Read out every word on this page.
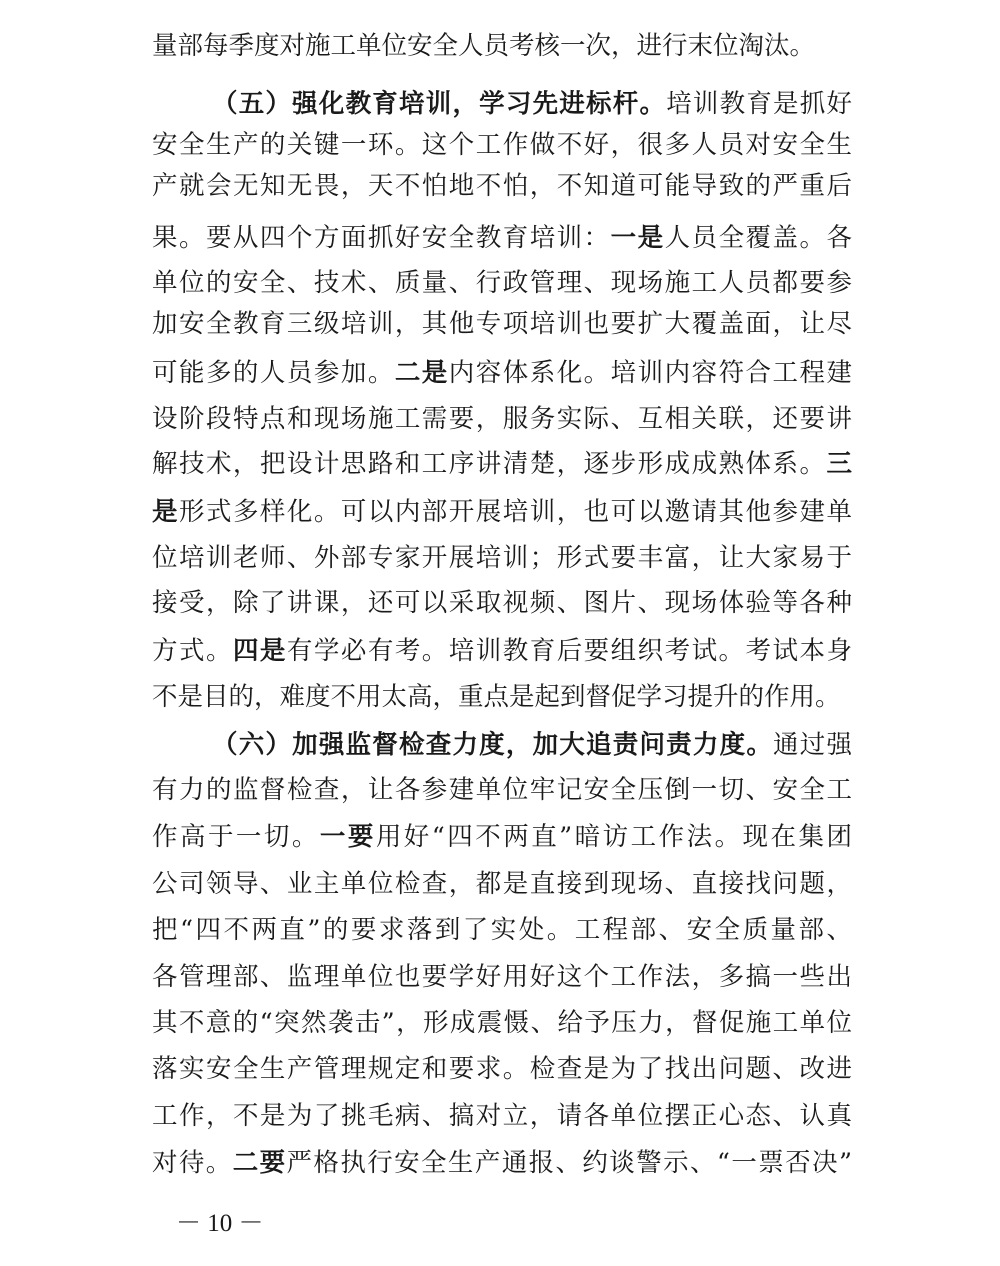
量部每季度对施工单位安全人员考核一次，进行末位淘汰。
（五）强化教育培训，学习先进标杆。培训教育是抓好
安全生产的关键一环。这个工作做不好，很多人员对安全生
产就会无知无畏，天不怕地不怕，不知道可能导致的严重后
果。要从四个方面抓好安全教育培训：一是人员全覆盖。各
单位的安全、技术、质量、行政管理、现场施工人员都要参
加安全教育三级培训，其他专项培训也要扩大覆盖面，让尽
可能多的人员参加。二是内容体系化。培训内容符合工程建
设阶段特点和现场施工需要，服务实际、互相关联，还要讲
解技术，把设计思路和工序讲清楚，逐步形成成熟体系。三
是形式多样化。可以内部开展培训，也可以邀请其他参建单
位培训老师、外部专家开展培训；形式要丰富，让大家易于
接受，除了讲课，还可以采取视频、图片、现场体验等各种
方式。四是有学必有考。培训教育后要组织考试。考试本身
不是目的，难度不用太高，重点是起到督促学习提升的作用。
（六）加强监督检查力度，加大追责问责力度。通过强
有力的监督检查，让各参建单位牢记安全压倒一切、安全工
作高于一切。一要用好“四不两直”暗访工作法。现在集团
公司领导、业主单位检查，都是直接到现场、直接找问题，
把“四不两直”的要求落到了实处。工程部、安全质量部、
各管理部、监理单位也要学好用好这个工作法，多搞一些出
其不意的“突然袭击”，形成震慑、给予压力，督促施工单位
落实安全生产管理规定和要求。检查是为了找出问题、改进
工作，不是为了挑毛病、搞对立，请各单位摆正心态、认真
对待。二要严格执行安全生产通报、约谈警示、“一票否决”
－ 10 －
